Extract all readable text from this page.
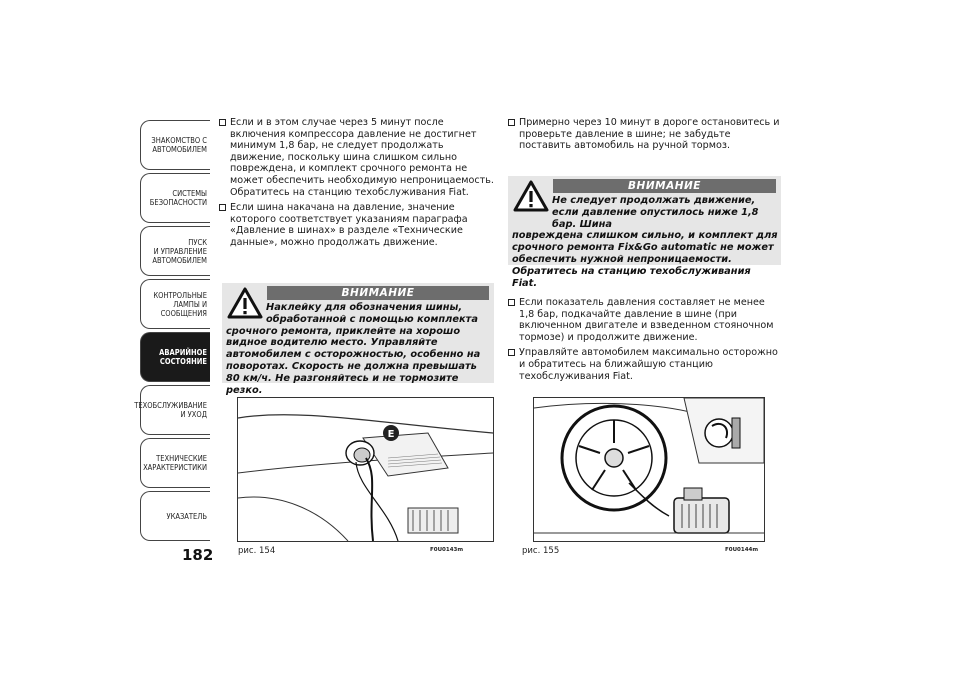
ЗНАКОМСТВО С
АВТОМОБИЛЕМ
СИСТЕМЫ
БЕЗОПАСНОСТИ
ПУСК
И УПРАВЛЕНИЕ
АВТОМОБИЛЕМ
КОНТРОЛЬНЫЕ
ЛАМПЫ И
СООБЩЕНИЯ
АВАРИЙНОЕ
СОСТОЯНИЕ
ТЕХОБСЛУЖИВАНИЕ
И УХОД
ТЕХНИЧЕСКИЕ
ХАРАКТЕРИСТИКИ
УКАЗАТЕЛЬ
182
Если и в этом случае через 5 минут после включения компрессора давление не достигнет минимум 1,8 бар, не следует продолжать движение, поскольку шина слишком сильно повреждена, и комплект срочного ремонта не может обеспечить необходимую непроницаемость. Обратитесь на станцию техобслуживания Fiat.
Если шина накачана на давление, значение которого соответствует указаниям параграфа «Давление в шинах» в разделе «Технические данные», можно продолжать движение.
ВНИМАНИЕ
Наклейку для обозначения шины, обработанной с помощью комплекта
срочного ремонта, приклейте на хорошо видное водителю место. Управляйте автомобилем с осторожностью, особенно на поворотах. Скорость не должна превышать 80 км/ч. Не разгоняйтесь и не тормозите резко.
E
рис. 154	F0U0143m
Примерно через 10 минут в дороге остановитесь и проверьте давление в шине; не забудьте поставить автомобиль на ручной тормоз.
ВНИМАНИЕ
Не следует продолжать движение, если давление опустилось ниже 1,8 бар. Шина
повреждена слишком сильно, и комплект для срочного ремонта Fix&Go automatic не может обеспечить нужной непроницаемости. Обратитесь на станцию техобслуживания Fiat.
Если показатель давления составляет не менее 1,8 бар, подкачайте давление в шине (при включенном двигателе и взведенном стояночном тормозе) и продолжите движение.
Управляйте автомобилем максимально осторожно и обратитесь на ближайшую станцию техобслуживания Fiat.
рис. 155	F0U0144m
